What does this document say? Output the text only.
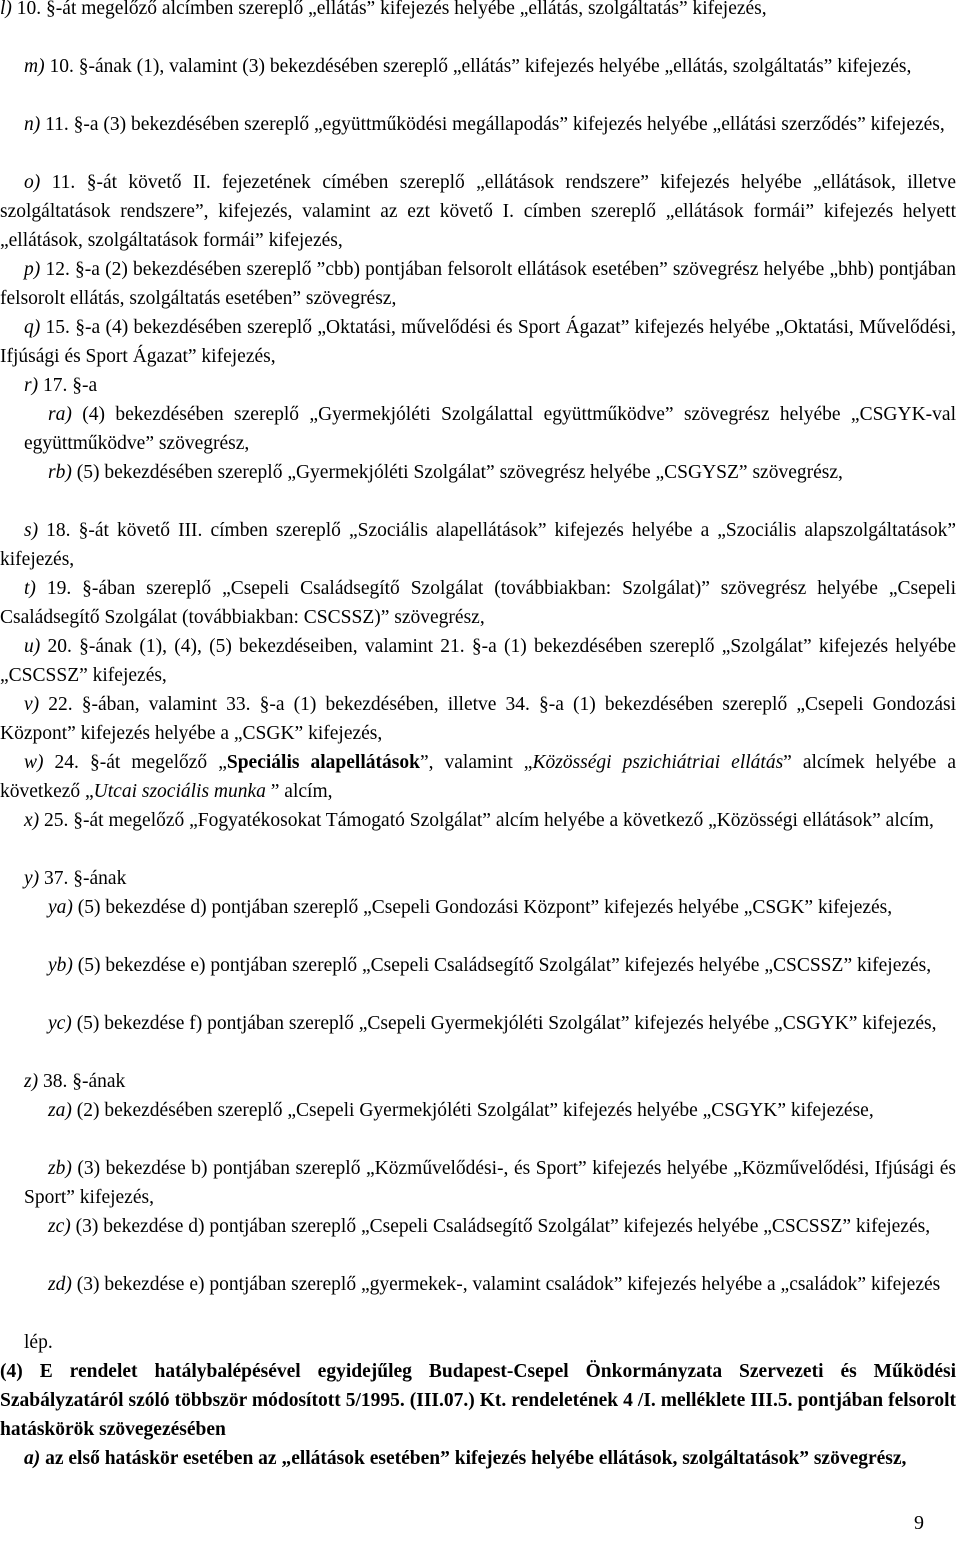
l) 10. §-át megelőző alcímben szereplő „ellátás” kifejezés helyébe „ellátás, szolgáltatás” kifejezés,
m) 10. §-ának (1), valamint (3) bekezdésében szereplő „ellátás” kifejezés helyébe „ellátás, szolgáltatás” kifejezés,
n) 11. §-a (3) bekezdésében szereplő „együttműködési megállapodás” kifejezés helyébe „ellátási szerződés” kifejezés,
o) 11. §-át követő II. fejezetének címében szereplő „ellátások rendszere” kifejezés helyébe „ellátások, illetve szolgáltatások rendszere”, kifejezés, valamint az ezt követő I. címben szereplő „ellátások formái” kifejezés helyett „ellátások, szolgáltatások formái” kifejezés,
p) 12. §-a (2) bekezdésében szereplő ”cbb) pontjában felsorolt ellátások esetében” szövegrész helyébe „bhb) pontjában felsorolt ellátás, szolgáltatás esetében” szövegrész,
q) 15. §-a (4) bekezdésében szereplő „Oktatási, művelődési és Sport Ágazat” kifejezés helyébe „Oktatási, Művelődési, Ifjúsági és Sport Ágazat” kifejezés,
r) 17. §-a
ra) (4) bekezdésében szereplő „Gyermekjóléti Szolgálattal együttműködve” szövegrész helyébe „CSGYK-val együttműködve” szövegrész,
rb) (5) bekezdésében szereplő „Gyermekjóléti Szolgálat” szövegrész helyébe „CSGYSZ” szövegrész,
s) 18. §-át követő III. címben szereplő „Szociális alapellátások” kifejezés helyébe a „Szociális alapszolgáltatások” kifejezés,
t) 19. §-ában szereplő „Csepeli Családsegítő Szolgálat (továbbiakban: Szolgálat)” szövegrész helyébe „Csepeli Családsegítő Szolgálat (továbbiakban: CSCSSZ)” szövegrész,
u) 20. §-ának (1), (4), (5) bekezdéseiben, valamint 21. §-a (1) bekezdésében szereplő „Szolgálat” kifejezés helyébe „CSCSSZ” kifejezés,
v) 22. §-ában, valamint 33. §-a (1) bekezdésében, illetve 34. §-a (1) bekezdésében szereplő „Csepeli Gondozási Központ” kifejezés helyébe a „CSGK” kifejezés,
w) 24. §-át megelőző „Speciális alapellátások”, valamint „Közösségi pszichiátriai ellátás” alcímek helyébe a következő „Utcai szociális munka ” alcím,
x) 25. §-át megelőző „Fogyatékosokat Támogató Szolgálat” alcím helyébe a következő „Közösségi ellátások” alcím,
y) 37. §-ának
ya) (5) bekezdése d) pontjában szereplő „Csepeli Gondozási Központ” kifejezés helyébe „CSGK” kifejezés,
yb) (5) bekezdése e) pontjában szereplő „Csepeli Családsegítő Szolgálat” kifejezés helyébe „CSCSSZ” kifejezés,
yc) (5) bekezdése f) pontjában szereplő „Csepeli Gyermekjóléti Szolgálat” kifejezés helyébe „CSGYK” kifejezés,
z) 38. §-ának
za) (2) bekezdésében szereplő „Csepeli Gyermekjóléti Szolgálat” kifejezés helyébe „CSGYK” kifejezése,
zb) (3) bekezdése b) pontjában szereplő „Közművelődési-, és Sport” kifejezés helyébe „Közművelődési, Ifjúsági és Sport” kifejezés,
zc) (3) bekezdése d) pontjában szereplő „Csepeli Családsegítő Szolgálat” kifejezés helyébe „CSCSSZ” kifejezés,
zd) (3) bekezdése e) pontjában szereplő „gyermekek-, valamint családok” kifejezés helyébe a „családok” kifejezés
lép.
(4) E rendelet hatálybalépésével egyidejűleg Budapest-Csepel Önkormányzata Szervezeti és Működési Szabályzatáról szóló többször módosított 5/1995. (III.07.) Kt. rendeletének 4 /I. melléklete III.5. pontjában felsorolt hatáskörök szövegezésében
a) az első hatáskör esetében az „ellátások esetében” kifejezés helyébe ellátások, szolgáltatások” szövegrész,
9
